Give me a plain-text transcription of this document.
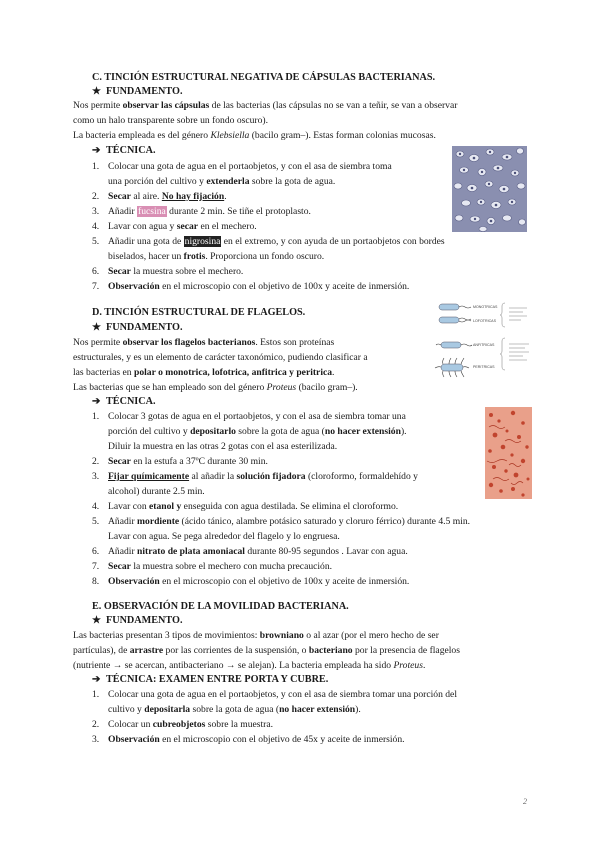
C. TINCIÓN ESTRUCTURAL NEGATIVA DE CÁPSULAS BACTERIANAS.
★ FUNDAMENTO.
Nos permite observar las cápsulas de las bacterias (las cápsulas no se van a teñir, se van a observar
como un halo transparente sobre un fondo oscuro).
La bacteria empleada es del género Klebsiella (bacilo gram–). Estas forman colonias mucosas.
➔ TÉCNICA.
1. Colocar una gota de agua en el portaobjetos, y con el asa de siembra toma
una porción del cultivo y extenderla sobre la gota de agua.
2. Secar al aire. No hay fijación.
3. Añadir fucsina durante 2 min. Se tiñe el protoplasto.
4. Lavar con agua y secar en el mechero.
5. Añadir una gota de nigrosina en el extremo, y con ayuda de un portaobjetos con bordes
biselados, hacer un frotis. Proporciona un fondo oscuro.
6. Secar la muestra sobre el mechero.
7. Observación en el microscopio con el objetivo de 100x y aceite de inmersión.
D. TINCIÓN ESTRUCTURAL DE FLAGELOS.
★ FUNDAMENTO.
Nos permite observar los flagelos bacterianos. Estos son proteínas
estructurales, y es un elemento de carácter taxonómico, pudiendo clasificar a
las bacterias en polar o monotrica, lofotrica, anfitrica y peritrica.
Las bacterias que se han empleado son del género Proteus (bacilo gram–).
➔ TÉCNICA.
1. Colocar 3 gotas de agua en el portaobjetos, y con el asa de siembra tomar una
porción del cultivo y depositarlo sobre la gota de agua (no hacer extensión).
Diluir la muestra en las otras 2 gotas con el asa esterilizada.
2. Secar en la estufa a 37ºC durante 30 min.
3. Fijar químicamente al añadir la solución fijadora (cloroformo, formaldehído y
alcohol) durante 2.5 min.
4. Lavar con etanol y enseguida con agua destilada. Se elimina el cloroformo.
5. Añadir mordiente (ácido tánico, alambre potásico saturado y cloruro férrico) durante 4.5 min.
Lavar con agua. Se pega alrededor del flagelo y lo engruesa.
6. Añadir nitrato de plata amoniacal durante 80-95 segundos . Lavar con agua.
7. Secar la muestra sobre el mechero con mucha precaución.
8. Observación en el microscopio con el objetivo de 100x y aceite de inmersión.
MONOTRICAS
LOFOTRICAS
ANFITRICAS
PERITRICAS
E. OBSERVACIÓN DE LA MOVILIDAD BACTERIANA.
★ FUNDAMENTO.
Las bacterias presentan 3 tipos de movimientos: browniano o al azar (por el mero hecho de ser
partículas), de arrastre por las corrientes de la suspensión, o bacteriano por la presencia de flagelos
(nutriente → se acercan, antibacteriano → se alejan). La bacteria empleada ha sido Proteus.
➔ TÉCNICA: EXAMEN ENTRE PORTA Y CUBRE.
1. Colocar una gota de agua en el portaobjetos, y con el asa de siembra tomar una porción del
cultivo y depositarla sobre la gota de agua (no hacer extensión).
2. Colocar un cubreobjetos sobre la muestra.
3. Observación en el microscopio con el objetivo de 45x y aceite de inmersión.
2
